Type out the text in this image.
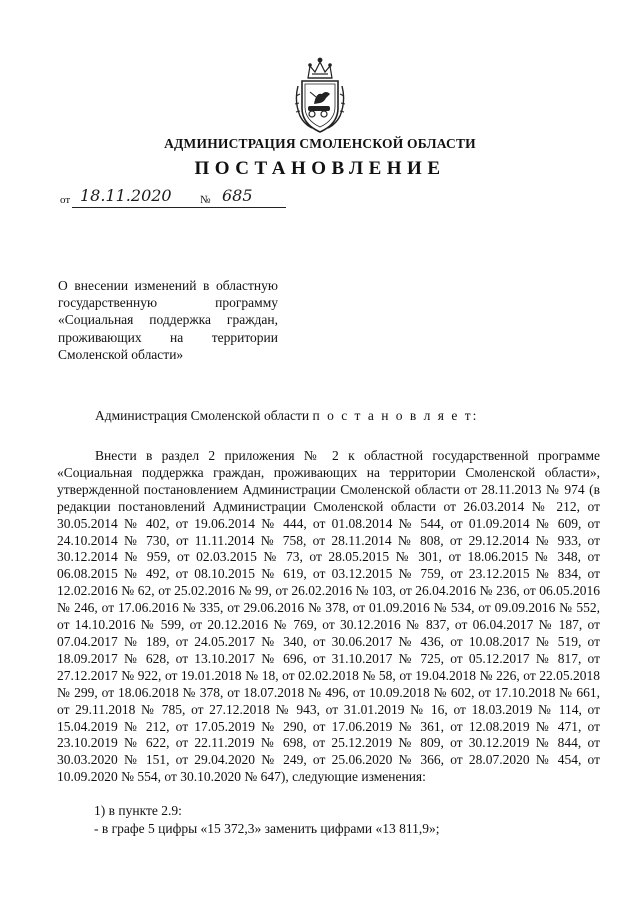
АДМИНИСТРАЦИЯ СМОЛЕНСКОЙ ОБЛАСТИ
ПОСТАНОВЛЕНИЕ
от 18.11.2020	№ 685
О внесении изменений в областную государственную программу «Социальная поддержка граждан, проживающих на территории Смоленской области»
Администрация Смоленской области п о с т а н о в л я е т:
Внести в раздел 2 приложения № 2 к областной государственной программе «Социальная поддержка граждан, проживающих на территории Смоленской области», утвержденной постановлением Администрации Смоленской области от 28.11.2013 № 974 (в редакции постановлений Администрации Смоленской области от 26.03.2014 № 212, от 30.05.2014 № 402, от 19.06.2014 № 444, от 01.08.2014 № 544, от 01.09.2014 № 609, от 24.10.2014 № 730, от 11.11.2014 № 758, от 28.11.2014 № 808, от 29.12.2014 № 933, от 30.12.2014 № 959, от 02.03.2015 № 73, от 28.05.2015 № 301, от 18.06.2015 № 348, от 06.08.2015 № 492, от 08.10.2015 № 619, от 03.12.2015 № 759, от 23.12.2015 № 834, от 12.02.2016 № 62, от 25.02.2016 № 99, от 26.02.2016 № 103, от 26.04.2016 № 236, от 06.05.2016 № 246, от 17.06.2016 № 335, от 29.06.2016 № 378, от 01.09.2016 № 534, от 09.09.2016 № 552, от 14.10.2016 № 599, от 20.12.2016 № 769, от 30.12.2016 № 837, от 06.04.2017 № 187, от 07.04.2017 № 189, от 24.05.2017 № 340, от 30.06.2017 № 436, от 10.08.2017 № 519, от 18.09.2017 № 628, от 13.10.2017 № 696, от 31.10.2017 № 725, от 05.12.2017 № 817, от 27.12.2017 № 922, от 19.01.2018 № 18, от 02.02.2018 № 58, от 19.04.2018 № 226, от 22.05.2018 № 299, от 18.06.2018 № 378, от 18.07.2018 № 496, от 10.09.2018 № 602, от 17.10.2018 № 661, от 29.11.2018 № 785, от 27.12.2018 № 943, от 31.01.2019 № 16, от 18.03.2019 № 114, от 15.04.2019 № 212, от 17.05.2019 № 290, от 17.06.2019 № 361, от 12.08.2019 № 471, от 23.10.2019 № 622, от 22.11.2019 № 698, от 25.12.2019 № 809, от 30.12.2019 № 844, от 30.03.2020 № 151, от 29.04.2020 № 249, от 25.06.2020 № 366, от 28.07.2020 № 454, от 10.09.2020 № 554, от 30.10.2020 № 647), следующие изменения:
1) в пункте 2.9:
- в графе 5 цифры «15 372,3» заменить цифрами «13 811,9»;
